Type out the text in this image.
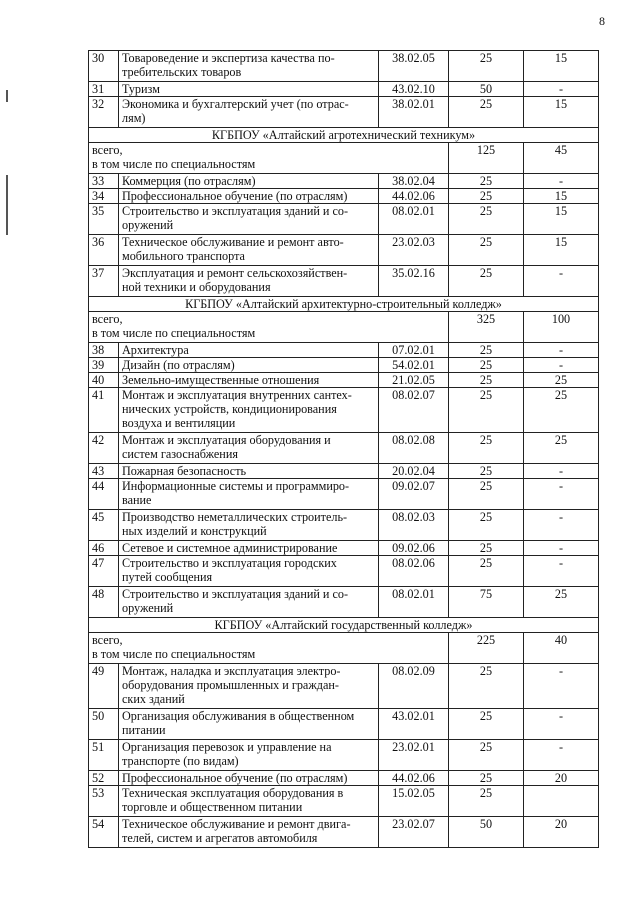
8
30	Товароведение и экспертиза качества по-
требительских товаров	38.02.05	25	15
31	Туризм	43.02.10	50	-
32	Экономика и бухгалтерский учет (по отрас-
лям)	38.02.01	25	15
КГБПОУ «Алтайский агротехнический техникум»				
всего,
в том числе по специальностям			125	45
33	Коммерция (по отраслям)	38.02.04	25	-
34	Профессиональное обучение (по отраслям)	44.02.06	25	15
35	Строительство и эксплуатация зданий и со-
оружений	08.02.01	25	15
36	Техническое обслуживание и ремонт авто-
мобильного транспорта	23.02.03	25	15
37	Эксплуатация и ремонт сельскохозяйствен-
ной техники и оборудования	35.02.16	25	-
КГБПОУ «Алтайский архитектурно-строительный колледж»				
всего,
в том числе по специальностям			325	100
38	Архитектура	07.02.01	25	-
39	Дизайн (по отраслям)	54.02.01	25	-
40	Земельно-имущественные отношения	21.02.05	25	25
41	Монтаж и эксплуатация внутренних сантех-
нических устройств, кондиционирования
воздуха и вентиляции	08.02.07	25	25
42	Монтаж и эксплуатация оборудования и
систем газоснабжения	08.02.08	25	25
43	Пожарная безопасность	20.02.04	25	-
44	Информационные системы и программиро-
вание	09.02.07	25	-
45	Производство неметаллических строитель-
ных изделий и конструкций	08.02.03	25	-
46	Сетевое и системное администрирование	09.02.06	25	-
47	Строительство и эксплуатация городских
путей сообщения	08.02.06	25	-
48	Строительство и эксплуатация зданий и со-
оружений	08.02.01	75	25
КГБПОУ «Алтайский государственный колледж»				
всего,
в том числе по специальностям			225	40
49	Монтаж, наладка и эксплуатация электро-
оборудования промышленных и граждан-
ских зданий	08.02.09	25	-
50	Организация обслуживания в общественном
питании	43.02.01	25	-
51	Организация перевозок и управление на
транспорте (по видам)	23.02.01	25	-
52	Профессиональное обучение (по отраслям)	44.02.06	25	20
53	Техническая эксплуатация оборудования в
торговле и общественном питании	15.02.05	25	
54	Техническое обслуживание и ремонт двига-
телей, систем и агрегатов автомобиля	23.02.07	50	20
